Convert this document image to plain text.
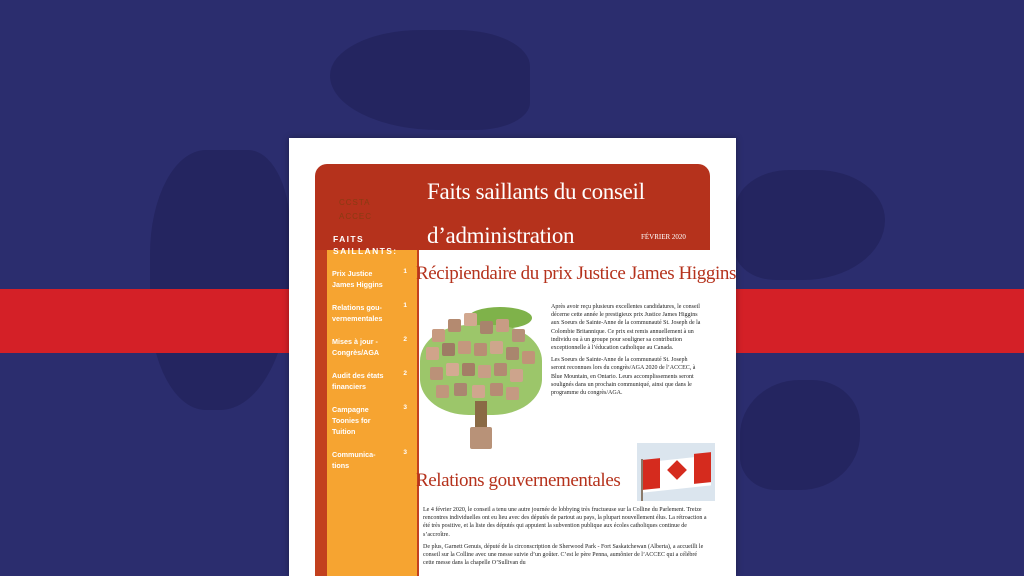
Faits saillants du conseil d’administration	FÉVRIER 2020
CCSTA
ACCEC
FAITS SAILLANTS:
Prix Justice James Higgins
1
Relations gou-vernementales
1
Mises à jour - Congrès/AGA
2
Audit des états financiers
2
Campagne Toonies for Tuition
3
Communica-tions
3
Récipiendaire du prix Justice James Higgins

Après avoir reçu plusieurs excellentes candidatures, le conseil décerne cette année le prestigieux prix Justice James Higgins aux Soeurs de Sainte-Anne de la communauté St. Joseph de la Colombie Britannique. Ce prix est remis annuellement à un individu ou à un groupe pour souligner sa contribution exceptionnelle à l’éducation catholique au Canada.

Les Soeurs de Sainte-Anne de la communauté St. Joseph seront reconnues lors du congrès/AGA 2020 de l’ACCEC, à Blue Mountain, en Ontario. Leurs accomplissements seront soulignés dans un prochain communiqué, ainsi que dans le programme du congrès/AGA.

Relations gouvernementales

Le 4 février 2020, le conseil a tenu une autre journée de lobbying très fructueuse sur la Colline du Parlement. Treize rencontres individuelles ont eu lieu avec des députés de partout au pays, la plupart nouvellement élus. La rétroaction a été très positive, et la liste des députés qui appuient la subvention publique aux écoles catholiques continue de s’accroître.

De plus, Garnett Genuis, député de la circonscription de Sherwood Park - Fort Saskatchewan (Alberta), a accueilli le conseil sur la Colline avec une messe suivie d’un goûter. C’est le père Penna, aumônier de l’ACCEC qui a célébré cette messe dans la chapelle O’Sullivan du
